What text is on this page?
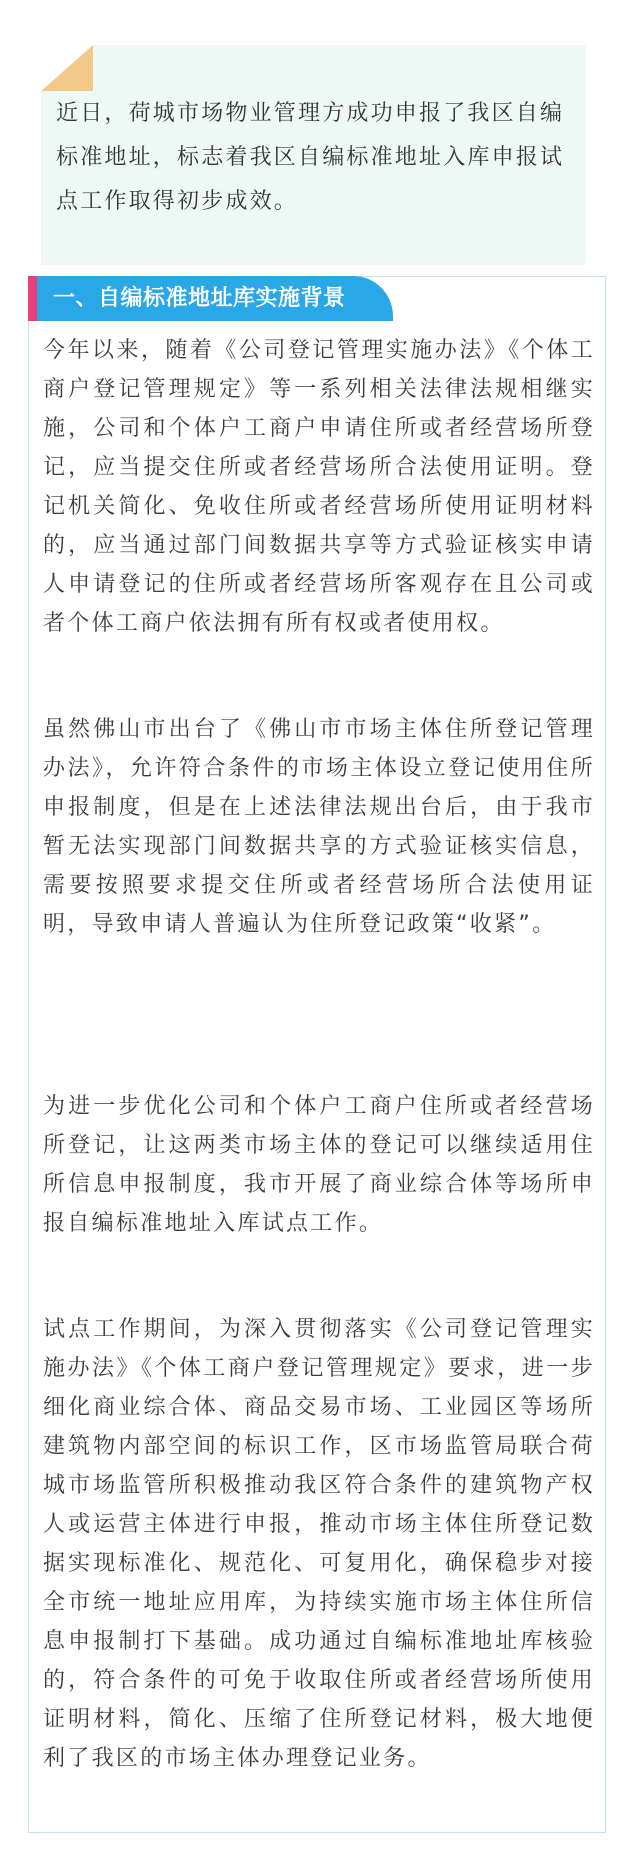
近日，荷城市场物业管理方成功申报了我区自编标准地址，标志着我区自编标准地址入库申报试点工作取得初步成效。

一、自编标准地址库实施背景

今年以来，随着《公司登记管理实施办法》《个体工商户登记管理规定》等一系列相关法律法规相继实施，公司和个体户工商户申请住所或者经营场所登记，应当提交住所或者经营场所合法使用证明。登记机关简化、免收住所或者经营场所使用证明材料的，应当通过部门间数据共享等方式验证核实申请人申请登记的住所或者经营场所客观存在且公司或者个体工商户依法拥有所有权或者使用权。

虽然佛山市出台了《佛山市市场主体住所登记管理办法》，允许符合条件的市场主体设立登记使用住所申报制度，但是在上述法律法规出台后，由于我市暂无法实现部门间数据共享的方式验证核实信息，需要按照要求提交住所或者经营场所合法使用证明，导致申请人普遍认为住所登记政策“收紧”。

为进一步优化公司和个体户工商户住所或者经营场所登记，让这两类市场主体的登记可以继续适用住所信息申报制度，我市开展了商业综合体等场所申报自编标准地址入库试点工作。

试点工作期间，为深入贯彻落实《公司登记管理实施办法》《个体工商户登记管理规定》要求，进一步细化商业综合体、商品交易市场、工业园区等场所建筑物内部空间的标识工作，区市场监管局联合荷城市场监管所积极推动我区符合条件的建筑物产权人或运营主体进行申报，推动市场主体住所登记数据实现标准化、规范化、可复用化，确保稳步对接全市统一地址应用库，为持续实施市场主体住所信息申报制打下基础。成功通过自编标准地址库核验的，符合条件的可免于收取住所或者经营场所使用证明材料，简化、压缩了住所登记材料，极大地便利了我区的市场主体办理登记业务。
